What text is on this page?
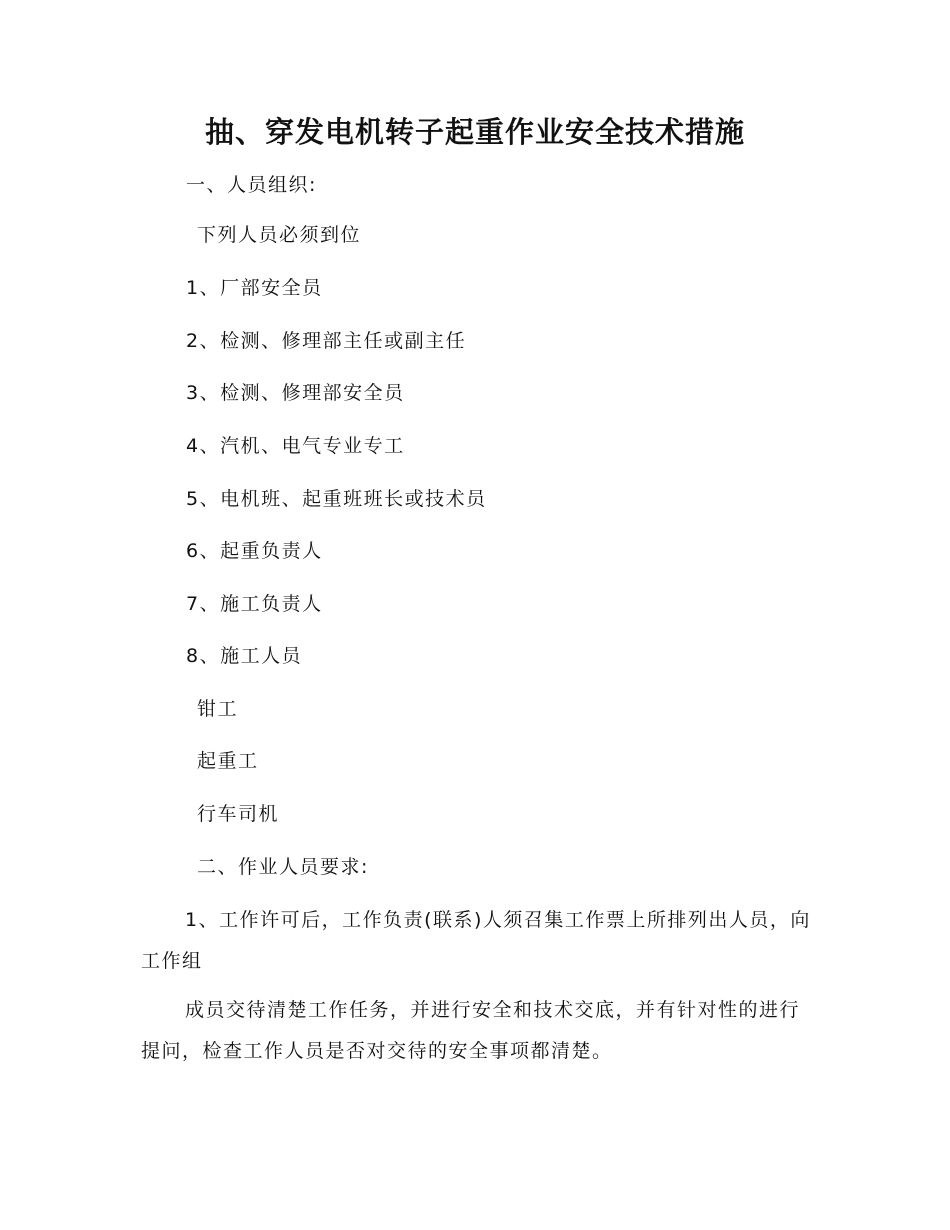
抽、穿发电机转子起重作业安全技术措施
一、人员组织:
下列人员必须到位
1、厂部安全员
2、检测、修理部主任或副主任
3、检测、修理部安全员
4、汽机、电气专业专工
5、电机班、起重班班长或技术员
6、起重负责人
7、施工负责人
8、施工人员
钳工
起重工
行车司机
二、作业人员要求:
1、工作许可后，工作负责(联系)人须召集工作票上所排列出人员，向工作组
成员交待清楚工作任务，并进行安全和技术交底，并有针对性的进行提问，检查工作人员是否对交待的安全事项都清楚。
